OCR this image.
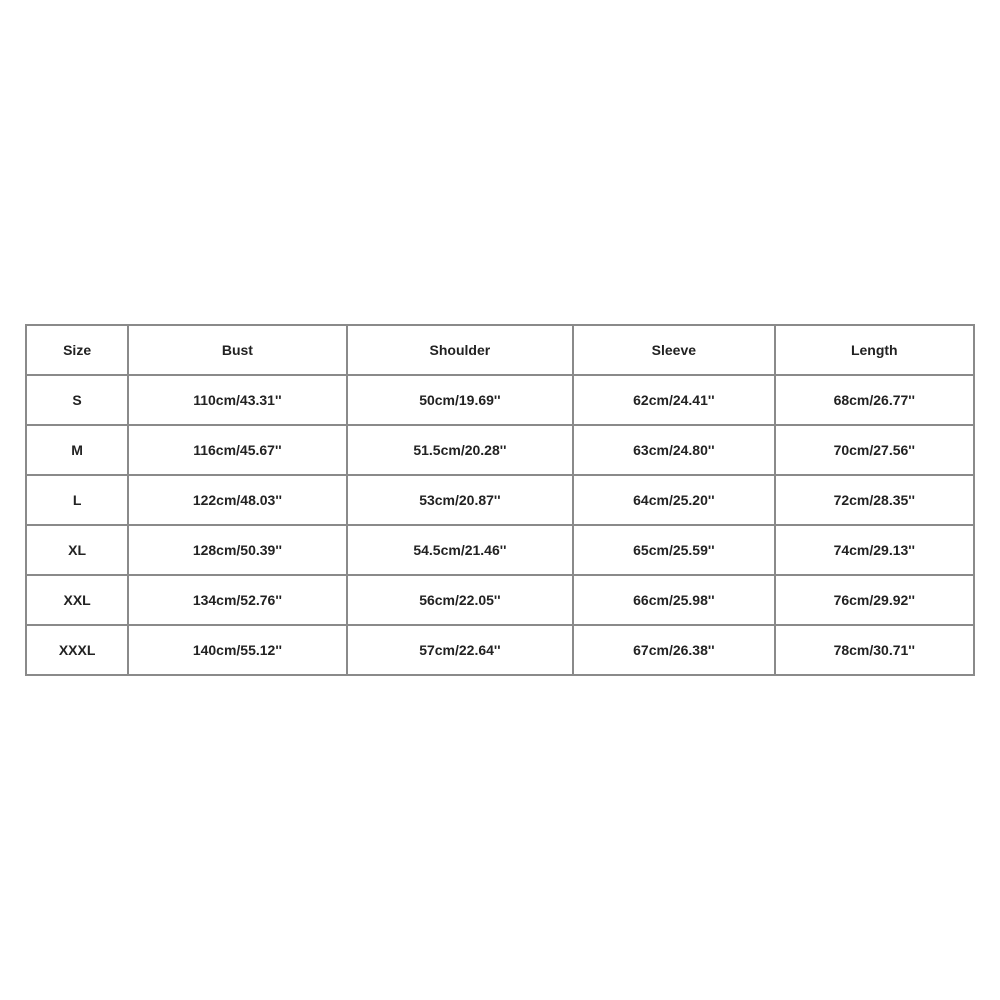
Size	Bust	Shoulder	Sleeve	Length
S	110cm/43.31''	50cm/19.69''	62cm/24.41''	68cm/26.77''
M	116cm/45.67''	51.5cm/20.28''	63cm/24.80''	70cm/27.56''
L	122cm/48.03''	53cm/20.87''	64cm/25.20''	72cm/28.35''
XL	128cm/50.39''	54.5cm/21.46''	65cm/25.59''	74cm/29.13''
XXL	134cm/52.76''	56cm/22.05''	66cm/25.98''	76cm/29.92''
XXXL	140cm/55.12''	57cm/22.64''	67cm/26.38''	78cm/30.71''
